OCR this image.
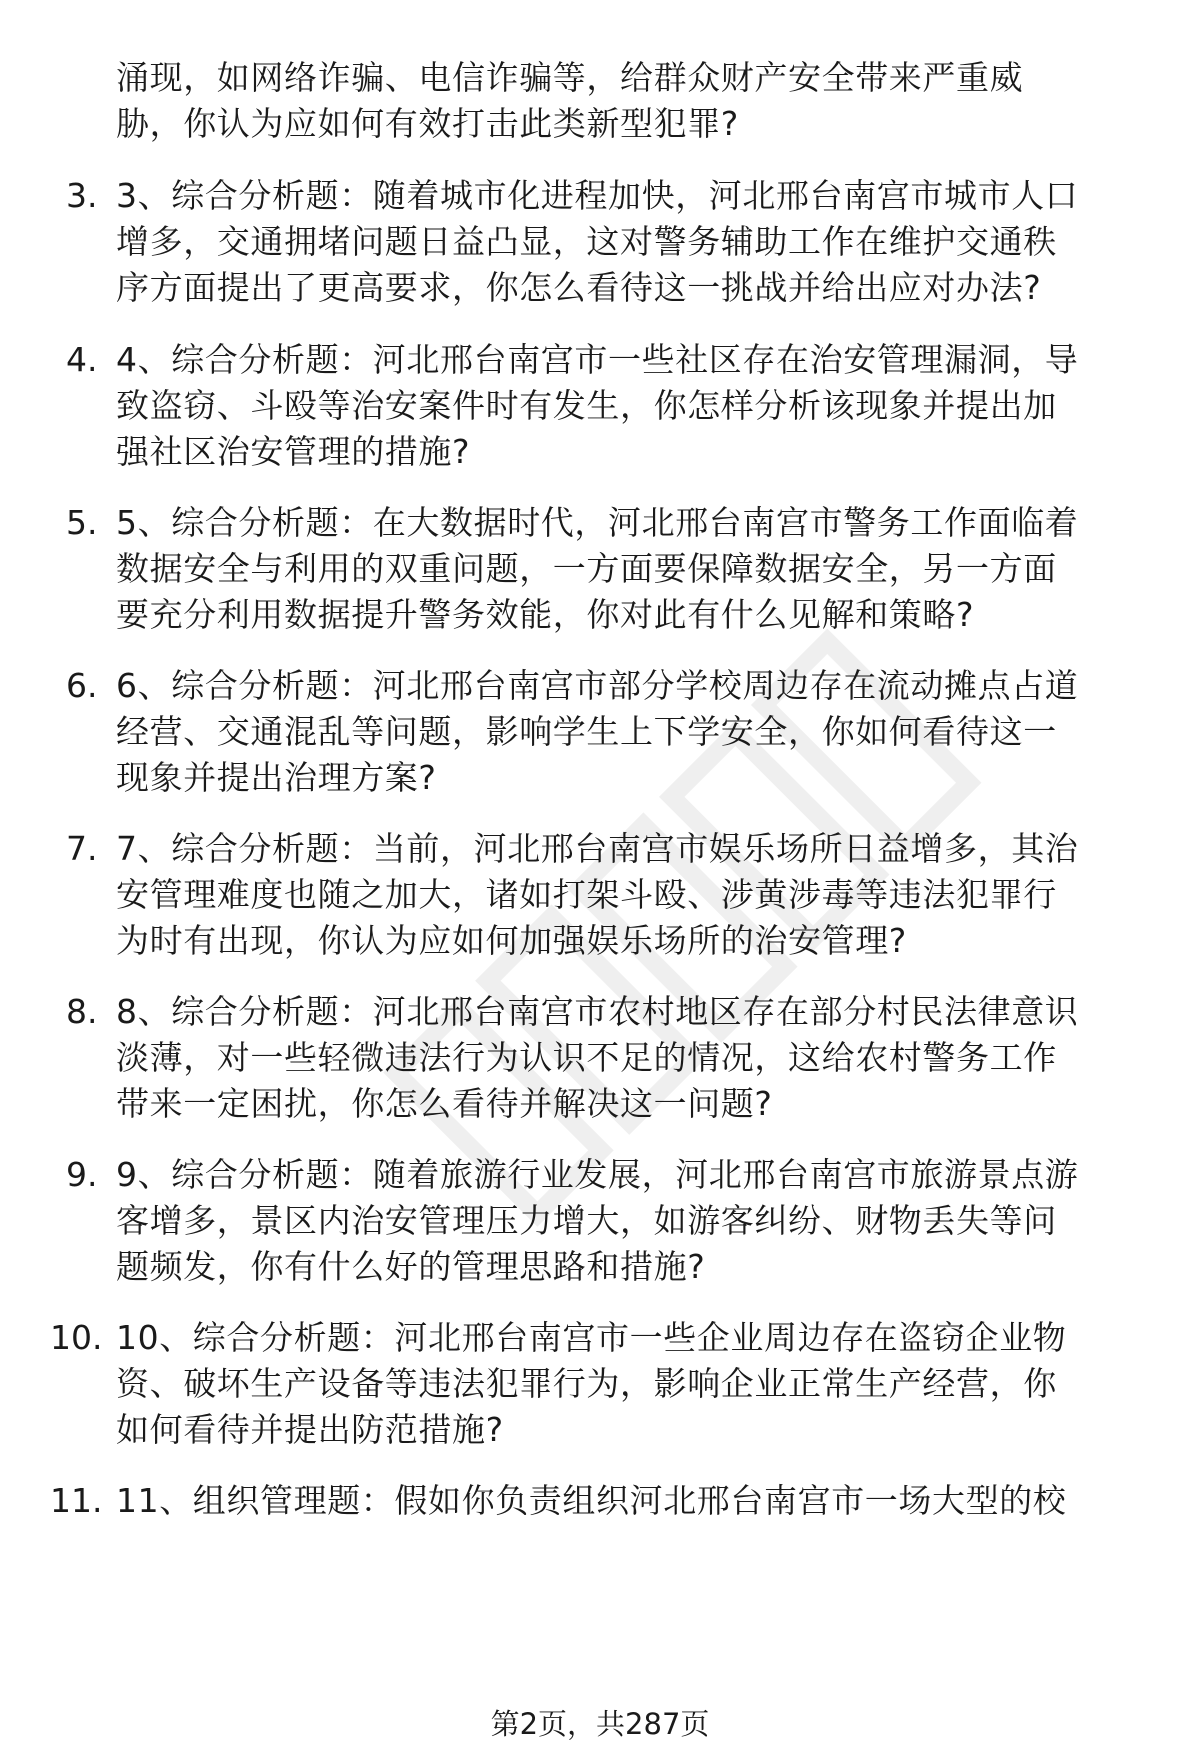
涌现，如网络诈骗、电信诈骗等，给群众财产安全带来严重威
胁，你认为应如何有效打击此类新型犯罪?
3. 3、综合分析题：随着城市化进程加快，河北邢台南宫市城市人口
增多，交通拥堵问题日益凸显，这对警务辅助工作在维护交通秩
序方面提出了更高要求，你怎么看待这一挑战并给出应对办法?
4. 4、综合分析题：河北邢台南宫市一些社区存在治安管理漏洞，导
致盗窃、斗殴等治安案件时有发生，你怎样分析该现象并提出加
强社区治安管理的措施?
5. 5、综合分析题：在大数据时代，河北邢台南宫市警务工作面临着
数据安全与利用的双重问题，一方面要保障数据安全，另一方面
要充分利用数据提升警务效能，你对此有什么见解和策略?
6. 6、综合分析题：河北邢台南宫市部分学校周边存在流动摊点占道
经营、交通混乱等问题，影响学生上下学安全，你如何看待这一
现象并提出治理方案?
7. 7、综合分析题：当前，河北邢台南宫市娱乐场所日益增多，其治
安管理难度也随之加大，诸如打架斗殴、涉黄涉毒等违法犯罪行
为时有出现，你认为应如何加强娱乐场所的治安管理?
8. 8、综合分析题：河北邢台南宫市农村地区存在部分村民法律意识
淡薄，对一些轻微违法行为认识不足的情况，这给农村警务工作
带来一定困扰，你怎么看待并解决这一问题?
9. 9、综合分析题：随着旅游行业发展，河北邢台南宫市旅游景点游
客增多，景区内治安管理压力增大，如游客纠纷、财物丢失等问
题频发，你有什么好的管理思路和措施?
10. 10、综合分析题：河北邢台南宫市一些企业周边存在盗窃企业物
资、破坏生产设备等违法犯罪行为，影响企业正常生产经营，你
如何看待并提出防范措施?
11. 11、组织管理题：假如你负责组织河北邢台南宫市一场大型的校
第2页，共287页
